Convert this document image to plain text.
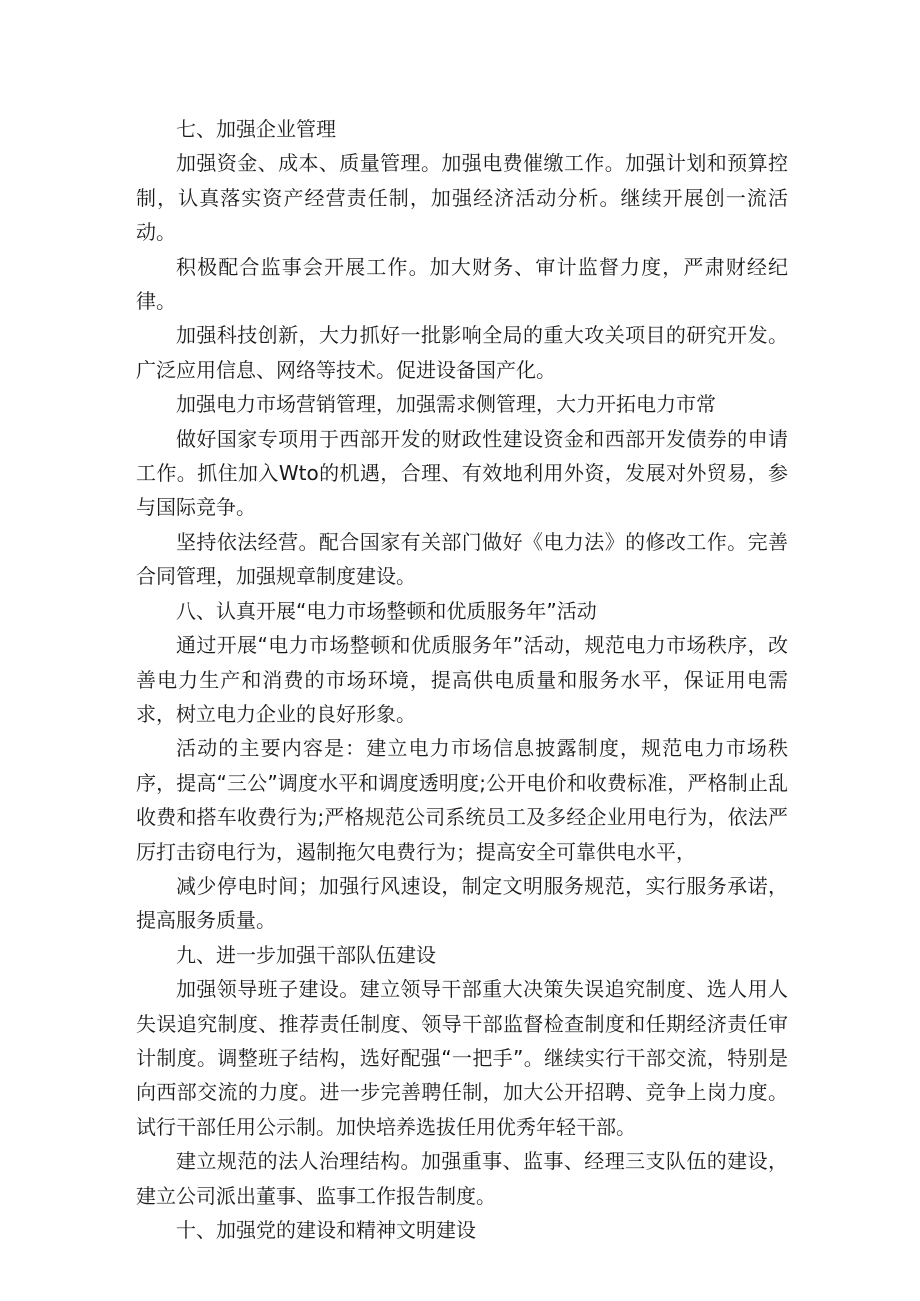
七、加强企业管理

加强资金、成本、质量管理。加强电费催缴工作。加强计划和预算控制，认真落实资产经营责任制，加强经济活动分析。继续开展创一流活动。

积极配合监事会开展工作。加大财务、审计监督力度，严肃财经纪律。

加强科技创新，大力抓好一批影响全局的重大攻关项目的研究开发。广泛应用信息、网络等技术。促进设备国产化。

加强电力市场营销管理，加强需求侧管理，大力开拓电力市常

做好国家专项用于西部开发的财政性建设资金和西部开发债券的申请工作。抓住加入Wto的机遇，合理、有效地利用外资，发展对外贸易，参与国际竞争。

坚持依法经营。配合国家有关部门做好《电力法》的修改工作。完善合同管理，加强规章制度建设。

八、认真开展“电力市场整顿和优质服务年”活动

通过开展“电力市场整顿和优质服务年”活动，规范电力市场秩序，改善电力生产和消费的市场环境，提高供电质量和服务水平，保证用电需求，树立电力企业的良好形象。

活动的主要内容是：建立电力市场信息披露制度，规范电力市场秩序，提高“三公”调度水平和调度透明度;公开电价和收费标准，严格制止乱收费和搭车收费行为;严格规范公司系统员工及多经企业用电行为，依法严厉打击窃电行为，遏制拖欠电费行为；提高安全可靠供电水平，

减少停电时间；加强行风速设，制定文明服务规范，实行服务承诺，提高服务质量。

九、进一步加强干部队伍建设

加强领导班子建设。建立领导干部重大决策失误追究制度、选人用人失误追究制度、推荐责任制度、领导干部监督检查制度和任期经济责任审计制度。调整班子结构，选好配强“一把手”。继续实行干部交流，特别是向西部交流的力度。进一步完善聘任制，加大公开招聘、竞争上岗力度。试行干部任用公示制。加快培养选拔任用优秀年轻干部。

建立规范的法人治理结构。加强重事、监事、经理三支队伍的建设，建立公司派出董事、监事工作报告制度。

十、加强党的建设和精神文明建设
